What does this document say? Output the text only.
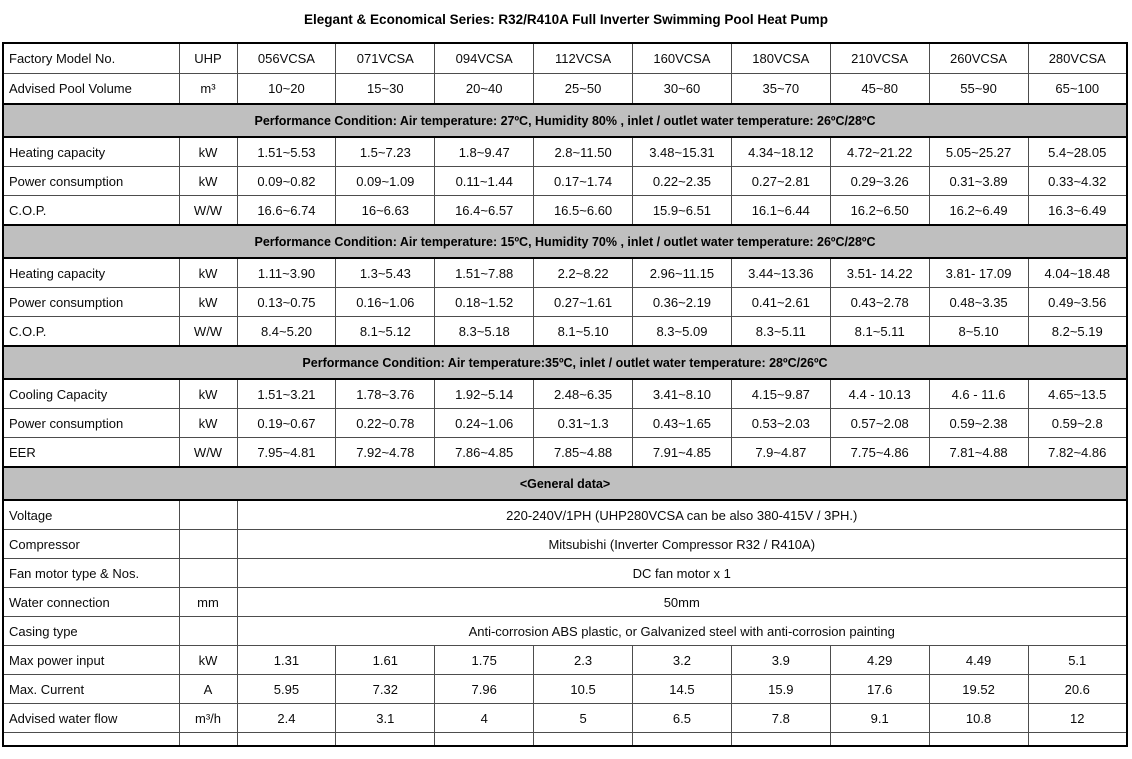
Elegant & Economical Series: R32/R410A Full Inverter Swimming Pool Heat Pump
Factory Model No.	UHP	056VCSA	071VCSA	094VCSA	112VCSA	160VCSA	180VCSA	210VCSA	260VCSA	280VCSA
Advised Pool Volume	m³	10~20	15~30	20~40	25~50	30~60	35~70	45~80	55~90	65~100
Performance Condition: Air temperature: 27ºC, Humidity 80% , inlet / outlet water temperature: 26ºC/28ºC										
Heating capacity	kW	1.51~5.53	1.5~7.23	1.8~9.47	2.8~11.50	3.48~15.31	4.34~18.12	4.72~21.22	5.05~25.27	5.4~28.05
Power consumption	kW	0.09~0.82	0.09~1.09	0.11~1.44	0.17~1.74	0.22~2.35	0.27~2.81	0.29~3.26	0.31~3.89	0.33~4.32
C.O.P.	W/W	16.6~6.74	16~6.63	16.4~6.57	16.5~6.60	15.9~6.51	16.1~6.44	16.2~6.50	16.2~6.49	16.3~6.49
Performance Condition: Air temperature: 15ºC, Humidity 70% , inlet / outlet water temperature: 26ºC/28ºC										
Heating capacity	kW	1.11~3.90	1.3~5.43	1.51~7.88	2.2~8.22	2.96~11.15	3.44~13.36	3.51- 14.22	3.81- 17.09	4.04~18.48
Power consumption	kW	0.13~0.75	0.16~1.06	0.18~1.52	0.27~1.61	0.36~2.19	0.41~2.61	0.43~2.78	0.48~3.35	0.49~3.56
C.O.P.	W/W	8.4~5.20	8.1~5.12	8.3~5.18	8.1~5.10	8.3~5.09	8.3~5.11	8.1~5.11	8~5.10	8.2~5.19
Performance Condition: Air temperature:35ºC, inlet / outlet water temperature: 28ºC/26ºC										
Cooling Capacity	kW	1.51~3.21	1.78~3.76	1.92~5.14	2.48~6.35	3.41~8.10	4.15~9.87	4.4 - 10.13	4.6 - 11.6	4.65~13.5
Power consumption	kW	0.19~0.67	0.22~0.78	0.24~1.06	0.31~1.3	0.43~1.65	0.53~2.03	0.57~2.08	0.59~2.38	0.59~2.8
EER	W/W	7.95~4.81	7.92~4.78	7.86~4.85	7.85~4.88	7.91~4.85	7.9~4.87	7.75~4.86	7.81~4.88	7.82~4.86
<General data>										
Voltage		220-240V/1PH (UHP280VCSA can be also 380-415V / 3PH.)								
Compressor		Mitsubishi (Inverter Compressor R32 / R410A)								
Fan motor type & Nos.		DC fan motor x 1								
Water connection	mm	50mm								
Casing type		Anti-corrosion ABS plastic, or Galvanized steel with anti-corrosion painting								
Max power input	kW	1.31	1.61	1.75	2.3	3.2	3.9	4.29	4.49	5.1
Max. Current	A	5.95	7.32	7.96	10.5	14.5	15.9	17.6	19.52	20.6
Advised water flow	m³/h	2.4	3.1	4	5	6.5	7.8	9.1	10.8	12
